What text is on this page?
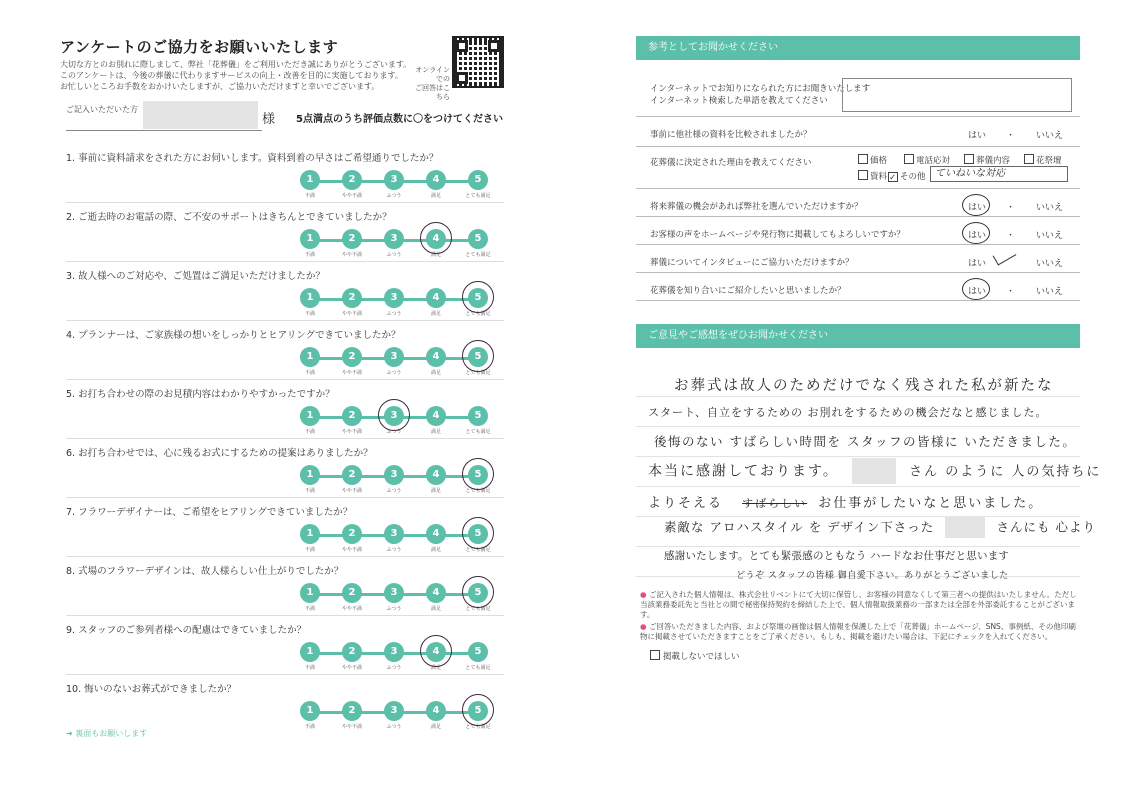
アンケートのご協力をお願いいたします
大切な方とのお別れに際しまして、弊社「花葬儀」をご利用いただき誠にありがとうございます。
このアンケートは、今後の葬儀に代わりますサービスの向上・改善を目的に実施しております。
お忙しいところお手数をおかけいたしますが、ご協力いただけますと幸いでございます。
オンライン
での
ご回答はこちら
ご記入いただいた方
様 5点満点のうち評価点数に〇をつけてください
1. 事前に資料請求をされた方にお伺いします。資料到着の早さはご希望通りでしたか？
1
不満
2
やや不満
3
ふつう
4
満足
5
とても満足
2. ご逝去時のお電話の際、ご不安のサポートはきちんとできていましたか？
1
不満
2
やや不満
3
ふつう
4
満足
5
とても満足
3. 故人様へのご対応や、ご処置はご満足いただけましたか？
1
不満
2
やや不満
3
ふつう
4
満足
5
とても満足
4. プランナーは、ご家族様の想いをしっかりとヒアリングできていましたか？
1
不満
2
やや不満
3
ふつう
4
満足
5
とても満足
5. お打ち合わせの際のお見積内容はわかりやすかったですか？
1
不満
2
やや不満
3
ふつう
4
満足
5
とても満足
6. お打ち合わせでは、心に残るお式にするための提案はありましたか？
1
不満
2
やや不満
3
ふつう
4
満足
5
とても満足
7. フラワーデザイナーは、ご希望をヒアリングできていましたか？
1
不満
2
やや不満
3
ふつう
4
満足
5
とても満足
8. 式場のフラワーデザインは、故人様らしい仕上がりでしたか？
1
不満
2
やや不満
3
ふつう
4
満足
5
とても満足
9. スタッフのご参列者様への配慮はできていましたか？
1
不満
2
やや不満
3
ふつう
4
満足
5
とても満足
10. 悔いのないお葬式ができましたか？
1
不満
2
やや不満
3
ふつう
4
満足
5
とても満足
➜ 裏面もお願いします
参考としてお聞かせください
インターネットでお知りになられた方にお聞きいたします
インターネット検索した単語を教えてください
事前に他社様の資料を比較されましたか？	はい ・ いいえ
花葬儀に決定された理由を教えてください	価格	電話応対	葬儀内容	花祭壇
資料 ✓ その他 ていねいな対応
将来葬儀の機会があれば弊社を選んでいただけますか？	はい ・ いいえ
お客様の声をホームページや発行物に掲載してもよろしいですか？	はい ・ いいえ
葬儀についてインタビューにご協力いただけますか？	はい	いいえ
花葬儀を知り合いにご紹介したいと思いましたか？	はい ・ いいえ
ご意見やご感想をぜひお聞かせください
お葬式は故人のためだけでなく残された私が新たな
スタート、自立をするための お別れをするための機会だなと感じました。
後悔のない すばらしい時間を スタッフの皆様に いただきました。
本当に感謝しております。	さん のように 人の気持ちに
よりそえる すばらしい お仕事がしたいなと思いました。
素敵な アロハスタイル を デザイン下さった	さんにも 心より
感謝いたします。とても緊張感のともなう ハードなお仕事だと思います
どうぞ スタッフの皆様 御自愛下さい。ありがとうございました
● ご記入された個人情報は、株式会社リベントにて大切に保管し、お客様の同意なくして第三者への提供はいたしません。ただし当該業務委託先と当社との間で秘密保持契約を締結した上で、個人情報取扱業務の一部または全部を外部委託することがございます。
● ご回答いただきました内容、および祭壇の画像は個人情報を保護した上で「花葬儀」ホームページ、SNS、事例紙、その他印刷物に掲載させていただきますことをご了承ください。もしも、掲載を避けたい場合は、下記にチェックを入れてください。
掲載しないでほしい
